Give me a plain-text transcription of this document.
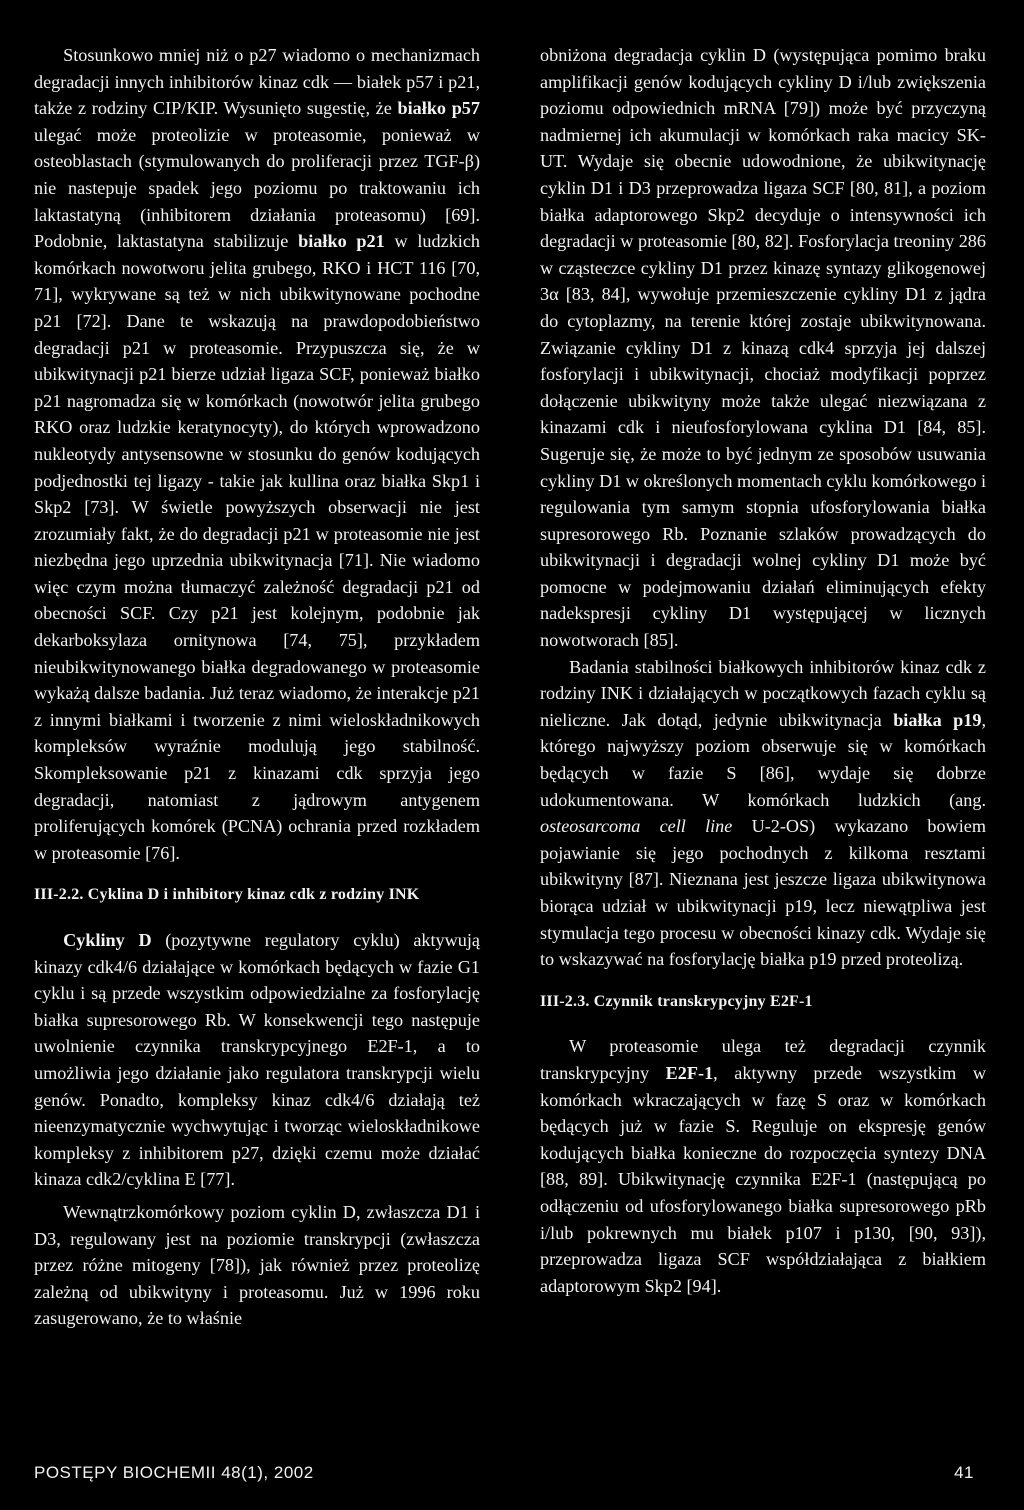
Stosunkowo mniej niż o p27 wiadomo o mechanizmach degradacji innych inhibitorów kinaz cdk — białek p57 i p21, także z rodziny CIP/KIP. Wysunięto sugestię, że białko p57 ulegać może proteolizie w proteasomie, ponieważ w osteoblastach (stymulowanych do proliferacji przez TGF-β) nie nastepuje spadek jego poziomu po traktowaniu ich laktastatyną (inhibitorem działania proteasomu) [69]. Podobnie, laktastatyna stabilizuje białko p21 w ludzkich komórkach nowotworu jelita grubego, RKO i HCT 116 [70, 71], wykrywane są też w nich ubikwitynowane pochodne p21 [72]. Dane te wskazują na prawdopodobieństwo degradacji p21 w proteasomie. Przypuszcza się, że w ubikwitynacji p21 bierze udział ligaza SCF, ponieważ białko p21 nagromadza się w komórkach (nowotwór jelita grubego RKO oraz ludzkie keratynocyty), do których wprowadzono nukleotydy antysensowne w stosunku do genów kodujących podjednostki tej ligazy - takie jak kullina oraz białka Skp1 i Skp2 [73]. W świetle powyższych obserwacji nie jest zrozumiały fakt, że do degradacji p21 w proteasomie nie jest niezbędna jego uprzednia ubikwitynacja [71]. Nie wiadomo więc czym można tłumaczyć zależność degradacji p21 od obecności SCF. Czy p21 jest kolejnym, podobnie jak dekarboksylaza ornitynowa [74, 75], przykładem nieubikwitynowanego białka degradowanego w proteasomie wykażą dalsze badania. Już teraz wiadomo, że interakcje p21 z innymi białkami i tworzenie z nimi wieloskładnikowych kompleksów wyraźnie modulują jego stabilność. Skompleksowanie p21 z kinazami cdk sprzyja jego degradacji, natomiast z jądrowym antygenem proliferujących komórek (PCNA) ochrania przed rozkładem w proteasomie [76].

III-2.2. Cyklina D i inhibitory kinaz cdk z rodziny INK

Cykliny D (pozytywne regulatory cyklu) aktywują kinazy cdk4/6 działające w komórkach będących w fazie G1 cyklu i są przede wszystkim odpowiedzialne za fosforylację białka supresorowego Rb. W konsekwencji tego następuje uwolnienie czynnika transkrypcyjnego E2F-1, a to umożliwia jego działanie jako regulatora transkrypcji wielu genów. Ponadto, kompleksy kinaz cdk4/6 działają też nieenzymatycznie wychwytując i tworząc wieloskładnikowe kompleksy z inhibitorem p27, dzięki czemu może działać kinaza cdk2/cyklina E [77].

Wewnątrzkomórkowy poziom cyklin D, zwłaszcza D1 i D3, regulowany jest na poziomie transkrypcji (zwłaszcza przez różne mitogeny [78]), jak również przez proteolizę zależną od ubikwityny i proteasomu. Już w 1996 roku zasugerowano, że to właśnie

obniżona degradacja cyklin D (występująca pomimo braku amplifikacji genów kodujących cykliny D i/lub zwiększenia poziomu odpowiednich mRNA [79]) może być przyczyną nadmiernej ich akumulacji w komórkach raka macicy SK-UT. Wydaje się obecnie udowodnione, że ubikwitynację cyklin D1 i D3 przeprowadza ligaza SCF [80, 81], a poziom białka adaptorowego Skp2 decyduje o intensywności ich degradacji w proteasomie [80, 82]. Fosforylacja treoniny 286 w cząsteczce cykliny D1 przez kinazę syntazy glikogenowej 3α [83, 84], wywołuje przemieszczenie cykliny D1 z jądra do cytoplazmy, na terenie której zostaje ubikwitynowana. Związanie cykliny D1 z kinazą cdk4 sprzyja jej dalszej fosforylacji i ubikwitynacji, chociaż modyfikacji poprzez dołączenie ubikwityny może także ulegać niezwiązana z kinazami cdk i nieufosforylowana cyklina D1 [84, 85]. Sugeruje się, że może to być jednym ze sposobów usuwania cykliny D1 w określonych momentach cyklu komórkowego i regulowania tym samym stopnia ufosforylowania białka supresorowego Rb. Poznanie szlaków prowadzących do ubikwitynacji i degradacji wolnej cykliny D1 może być pomocne w podejmowaniu działań eliminujących efekty nadekspresji cykliny D1 występującej w licznych nowotworach [85].

Badania stabilności białkowych inhibitorów kinaz cdk z rodziny INK i działających w początkowych fazach cyklu są nieliczne. Jak dotąd, jedynie ubikwitynacja białka p19, którego najwyższy poziom obserwuje się w komórkach będących w fazie S [86], wydaje się dobrze udokumentowana. W komórkach ludzkich (ang. osteosarcoma cell line U-2-OS) wykazano bowiem pojawianie się jego pochodnych z kilkoma resztami ubikwityny [87]. Nieznana jest jeszcze ligaza ubikwitynowa biorąca udział w ubikwitynacji p19, lecz niewątpliwa jest stymulacja tego procesu w obecności kinazy cdk. Wydaje się to wskazywać na fosforylację białka p19 przed proteolizą.

III-2.3. Czynnik transkrypcyjny E2F-1

W proteasomie ulega też degradacji czynnik transkrypcyjny E2F-1, aktywny przede wszystkim w komórkach wkraczających w fazę S oraz w komórkach będących już w fazie S. Reguluje on ekspresję genów kodujących białka konieczne do rozpoczęcia syntezy DNA [88, 89]. Ubikwitynację czynnika E2F-1 (następującą po odłączeniu od ufosforylowanego białka supresorowego pRb i/lub pokrewnych mu białek p107 i p130, [90, 93]), przeprowadza ligaza SCF współdziałająca z białkiem adaptorowym Skp2 [94].

POSTĘPY BIOCHEMII 48(1), 2002	41
